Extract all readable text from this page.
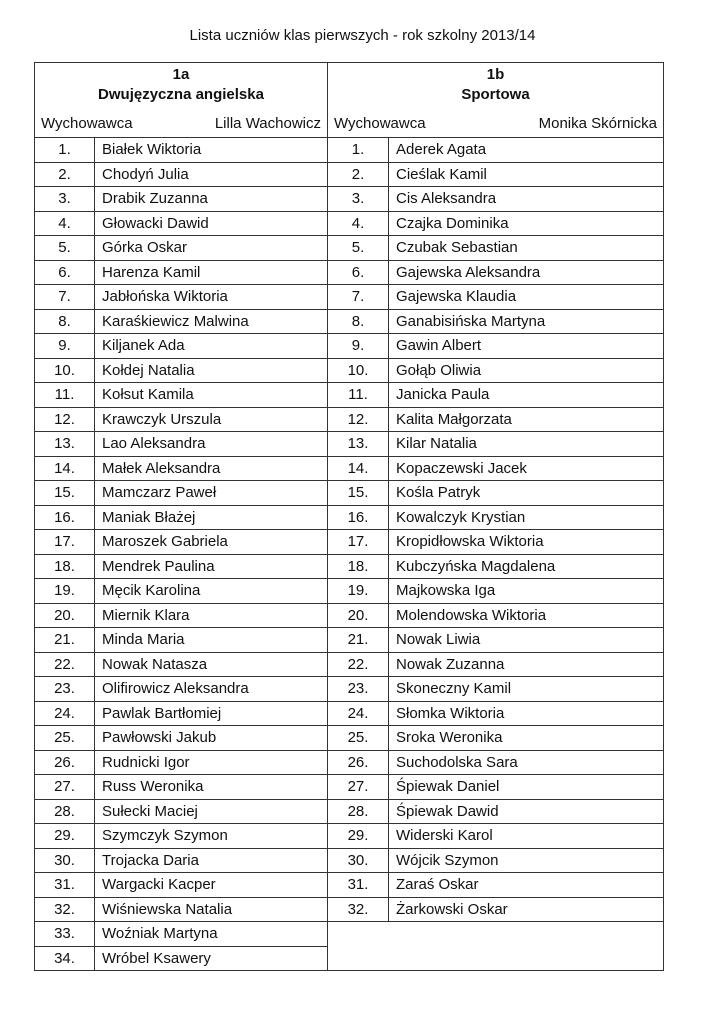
Lista uczniów klas pierwszych - rok szkolny 2013/14
1a
Dwujęzyczna angielska
Wychowawca	Lilla Wachowicz
1.	Białek Wiktoria
2.	Chodyń Julia
3.	Drabik Zuzanna
4.	Głowacki Dawid
5.	Górka Oskar
6.	Harenza Kamil
7.	Jabłońska Wiktoria
8.	Karaśkiewicz Malwina
9.	Kiljanek Ada
10.	Kołdej Natalia
11.	Kołsut Kamila
12.	Krawczyk Urszula
13.	Lao Aleksandra
14.	Małek Aleksandra
15.	Mamczarz Paweł
16.	Maniak Błażej
17.	Maroszek Gabriela
18.	Mendrek Paulina
19.	Męcik Karolina
20.	Miernik Klara
21.	Minda Maria
22.	Nowak Natasza
23.	Olifirowicz Aleksandra
24.	Pawlak Bartłomiej
25.	Pawłowski Jakub
26.	Rudnicki Igor
27.	Russ Weronika
28.	Sułecki Maciej
29.	Szymczyk Szymon
30.	Trojacka Daria
31.	Wargacki Kacper
32.	Wiśniewska Natalia
33.	Woźniak Martyna
34.	Wróbel Ksawery
1b
Sportowa
Wychowawca	Monika Skórnicka
1.	Aderek Agata
2.	Cieślak Kamil
3.	Cis Aleksandra
4.	Czajka Dominika
5.	Czubak Sebastian
6.	Gajewska Aleksandra
7.	Gajewska Klaudia
8.	Ganabisińska Martyna
9.	Gawin Albert
10.	Gołąb Oliwia
11.	Janicka Paula
12.	Kalita Małgorzata
13.	Kilar Natalia
14.	Kopaczewski Jacek
15.	Kośla Patryk
16.	Kowalczyk Krystian
17.	Kropidłowska Wiktoria
18.	Kubczyńska Magdalena
19.	Majkowska Iga
20.	Molendowska Wiktoria
21.	Nowak Liwia
22.	Nowak Zuzanna
23.	Skoneczny Kamil
24.	Słomka Wiktoria
25.	Sroka Weronika
26.	Suchodolska Sara
27.	Śpiewak Daniel
28.	Śpiewak Dawid
29.	Widerski Karol
30.	Wójcik Szymon
31.	Zaraś Oskar
32.	Żarkowski Oskar
